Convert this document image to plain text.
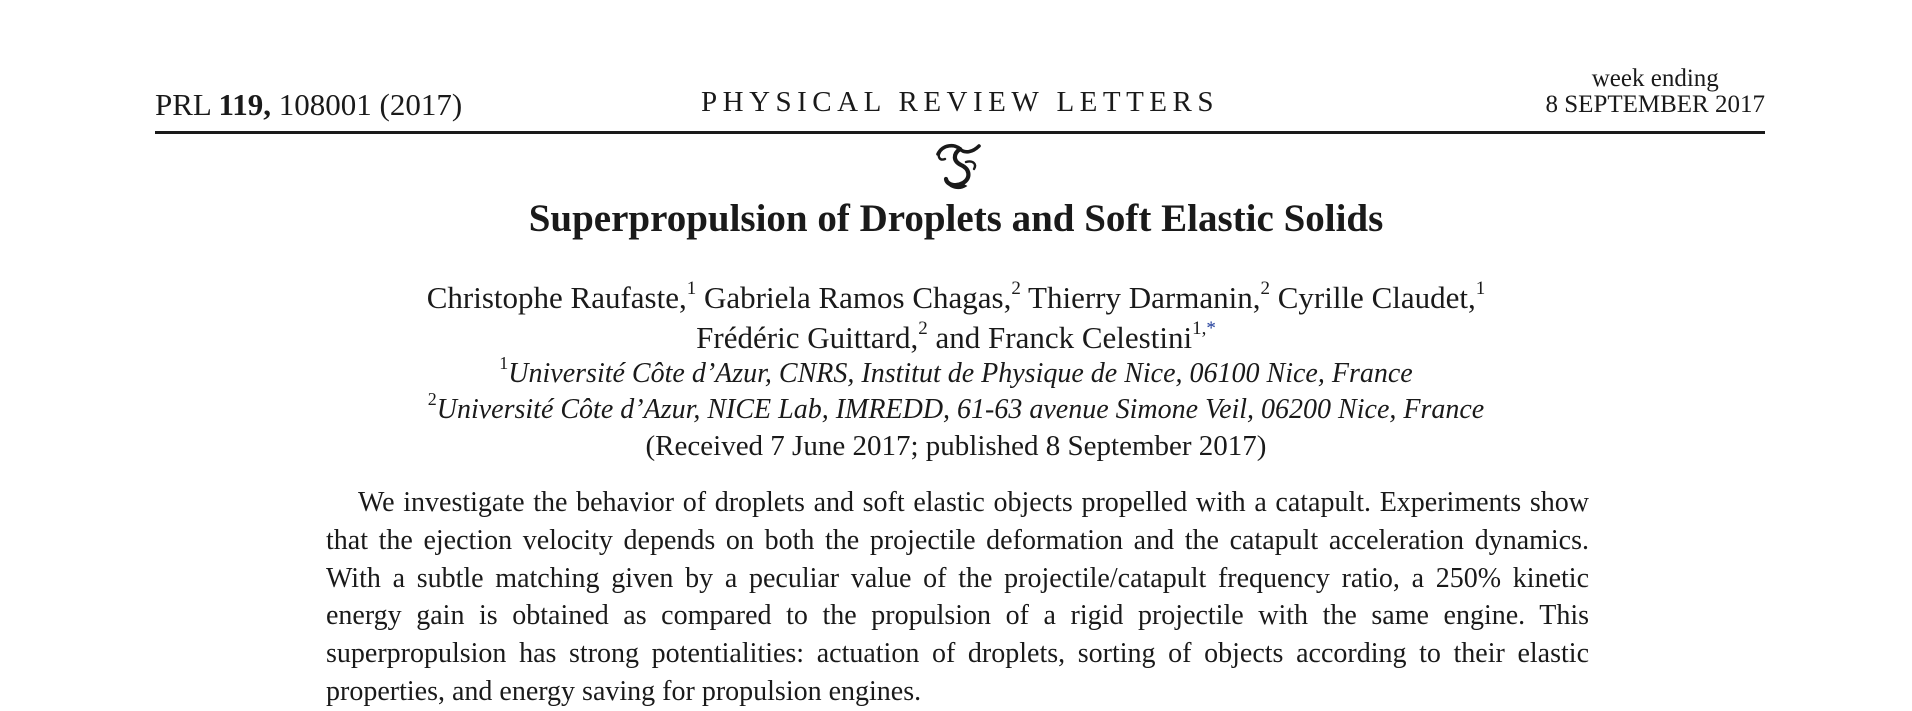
PRL 119, 108001 (2017)	PHYSICAL REVIEW LETTERS
week ending
8 SEPTEMBER 2017
Superpropulsion of Droplets and Soft Elastic Solids
Christophe Raufaste,$^1$ Gabriela Ramos Chagas,$^2$ Thierry Darmanin,$^2$ Cyrille Claudet,$^1$
Frédéric Guittard,$^2$ and Franck Celestini$^{1,*}$
$^1$Université Côte d’Azur, CNRS, Institut de Physique de Nice, 06100 Nice, France
$^2$Université Côte d’Azur, NICE Lab, IMREDD, 61-63 avenue Simone Veil, 06200 Nice, France
(Received 7 June 2017; published 8 September 2017)
We investigate the behavior of droplets and soft elastic objects propelled with a catapult. Experiments show that the ejection velocity depends on both the projectile deformation and the catapult acceleration dynamics. With a subtle matching given by a peculiar value of the projectile/catapult frequency ratio, a 250% kinetic energy gain is obtained as compared to the propulsion of a rigid projectile with the same engine. This superpropulsion has strong potentialities: actuation of droplets, sorting of objects according to their elastic properties, and energy saving for propulsion engines.
